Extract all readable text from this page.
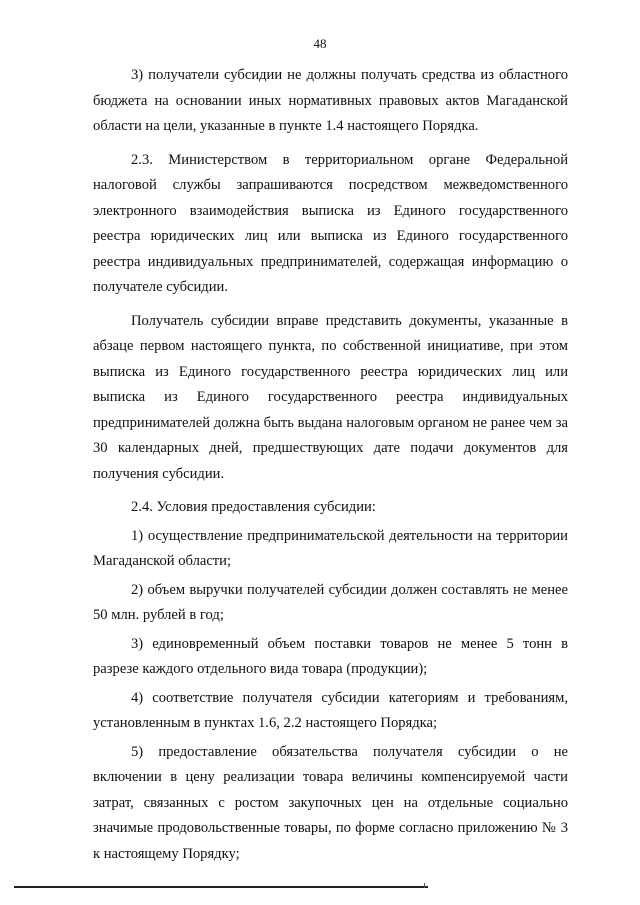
48

3) получатели субсидии не должны получать средства из областного бюджета на основании иных нормативных правовых актов Магаданской области на цели, указанные в пункте 1.4 настоящего Порядка.

2.3. Министерством в территориальном органе Федеральной налоговой службы запрашиваются посредством межведомственного электронного взаимодействия выписка из Единого государственного реестра юридических лиц или выписка из Единого государственного реестра индивидуальных предпринимателей, содержащая информацию о получателе субсидии.

Получатель субсидии вправе представить документы, указанные в абзаце первом настоящего пункта, по собственной инициативе, при этом выписка из Единого государственного реестра юридических лиц или выписка из Единого государственного реестра индивидуальных предпринимателей должна быть выдана налоговым органом не ранее чем за 30 календарных дней, предшествующих дате подачи документов для получения субсидии.

2.4. Условия предоставления субсидии:

1) осуществление предпринимательской деятельности на территории Магаданской области;

2) объем выручки получателей субсидии должен составлять не менее 50 млн. рублей в год;

3) единовременный объем поставки товаров не менее 5 тонн в разрезе каждого отдельного вида товара (продукции);

4) соответствие получателя субсидии категориям и требованиям, установленным в пунктах 1.6, 2.2 настоящего Порядка;

5) предоставление обязательства получателя субсидии о не включении в цену реализации товара величины компенсируемой части затрат, связанных с ростом закупочных цен на отдельные социально значимые продовольственные товары, по форме согласно приложению № 3 к настоящему Порядку;
